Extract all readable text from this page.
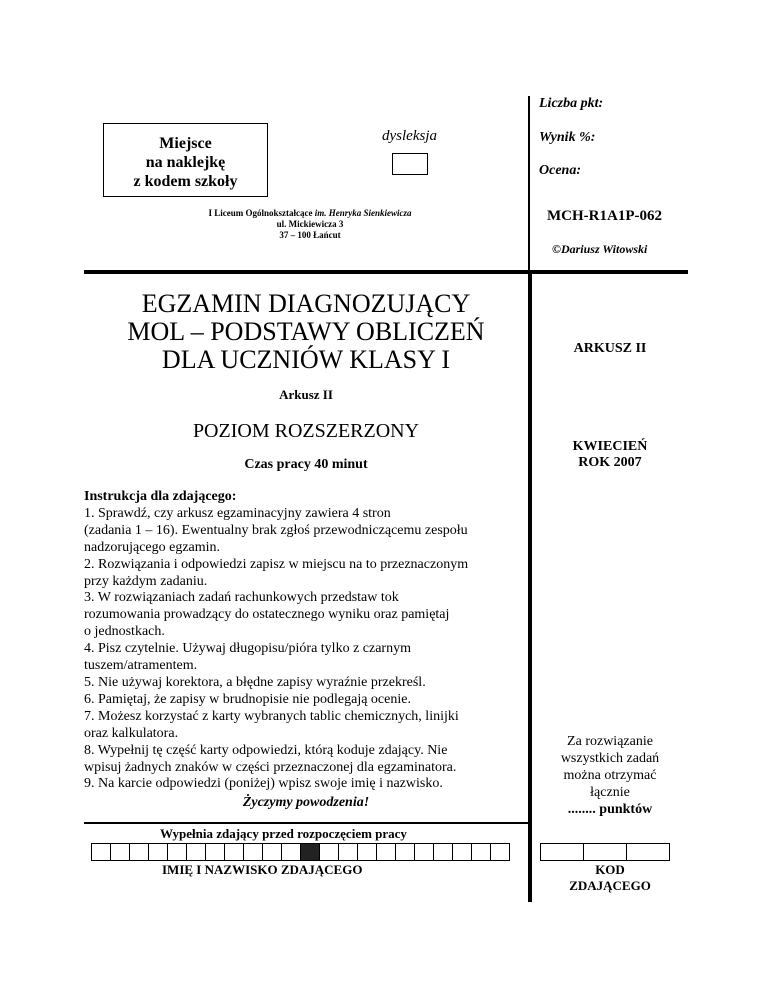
Liczba pkt:
Wynik %:
Ocena:
MCH-R1A1P-062
©Dariusz Witowski
Miejsce
na naklejkę
z kodem szkoły
dysleksja
I Liceum Ogólnokształcące im. Henryka Sienkiewicza
ul. Mickiewicza 3
37 – 100 Łańcut
EGZAMIN DIAGNOZUJĄCY
MOL – PODSTAWY OBLICZEŃ
DLA UCZNIÓW KLASY I
Arkusz II
POZIOM ROZSZERZONY
Czas pracy 40 minut
ARKUSZ II
KWIECIEŃ
ROK 2007
Za rozwiązanie
wszystkich zadań
można otrzymać
łącznie
........ punktów
Instrukcja dla zdającego:
1. Sprawdź, czy arkusz egzaminacyjny zawiera 4 stron
(zadania 1 – 16). Ewentualny brak zgłoś przewodniczącemu zespołu
nadzorującego egzamin.
2. Rozwiązania i odpowiedzi zapisz w miejscu na to przeznaczonym
przy każdym zadaniu.
3. W rozwiązaniach zadań rachunkowych przedstaw tok
rozumowania prowadzący do ostatecznego wyniku oraz pamiętaj
o jednostkach.
4. Pisz czytelnie. Używaj długopisu/pióra tylko z czarnym
tuszem/atramentem.
5. Nie używaj korektora, a błędne zapisy wyraźnie przekreśl.
6. Pamiętaj, że zapisy w brudnopisie nie podlegają ocenie.
7. Możesz korzystać z karty wybranych tablic chemicznych, linijki
oraz kalkulatora.
8. Wypełnij tę część karty odpowiedzi, którą koduje zdający. Nie
wpisuj żadnych znaków w części przeznaczonej dla egzaminatora.
9. Na karcie odpowiedzi (poniżej) wpisz swoje imię i nazwisko.
Życzymy powodzenia!
Wypełnia zdający przed rozpoczęciem pracy
IMIĘ I NAZWISKO ZDAJĄCEGO	KOD
ZDAJĄCEGO
